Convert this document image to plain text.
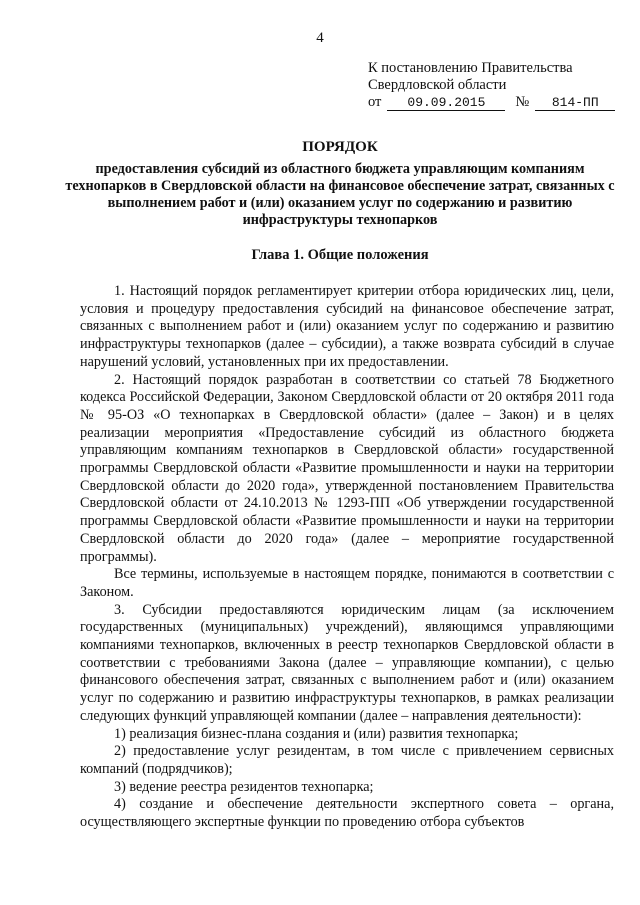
4
К постановлению Правительства
Свердловской области
от 09.09.2015 № 814-ПП
ПОРЯДОК
предоставления субсидий из областного бюджета управляющим компаниям технопарков в Свердловской области на финансовое обеспечение затрат, связанных с выполнением работ и (или) оказанием услуг по содержанию и развитию инфраструктуры технопарков
Глава 1. Общие положения

1. Настоящий порядок регламентирует критерии отбора юридических лиц, цели, условия и процедуру предоставления субсидий на финансовое обеспечение затрат, связанных с выполнением работ и (или) оказанием услуг по содержанию и развитию инфраструктуры технопарков (далее – субсидии), а также возврата субсидий в случае нарушений условий, установленных при их предоставлении.

2. Настоящий порядок разработан в соответствии со статьей 78 Бюджетного кодекса Российской Федерации, Законом Свердловской области от 20 октября 2011 года № 95-ОЗ «О технопарках в Свердловской области» (далее – Закон) и в целях реализации мероприятия «Предоставление субсидий из областного бюджета управляющим компаниям технопарков в Свердловской области» государственной программы Свердловской области «Развитие промышленности и науки на территории Свердловской области до 2020 года», утвержденной постановлением Правительства Свердловской области от 24.10.2013 № 1293-ПП «Об утверждении государственной программы Свердловской области «Развитие промышленности и науки на территории Свердловской области до 2020 года» (далее – мероприятие государственной программы).

Все термины, используемые в настоящем порядке, понимаются в соответствии с Законом.

3. Субсидии предоставляются юридическим лицам (за исключением государственных (муниципальных) учреждений), являющимся управляющими компаниями технопарков, включенных в реестр технопарков Свердловской области в соответствии с требованиями Закона (далее – управляющие компании), с целью финансового обеспечения затрат, связанных с выполнением работ и (или) оказанием услуг по содержанию и развитию инфраструктуры технопарков, в рамках реализации следующих функций управляющей компании (далее – направления деятельности):

1) реализация бизнес-плана создания и (или) развития технопарка;

2) предоставление услуг резидентам, в том числе с привлечением сервисных компаний (подрядчиков);

3) ведение реестра резидентов технопарка;

4) создание и обеспечение деятельности экспертного совета – органа, осуществляющего экспертные функции по проведению отбора субъектов
